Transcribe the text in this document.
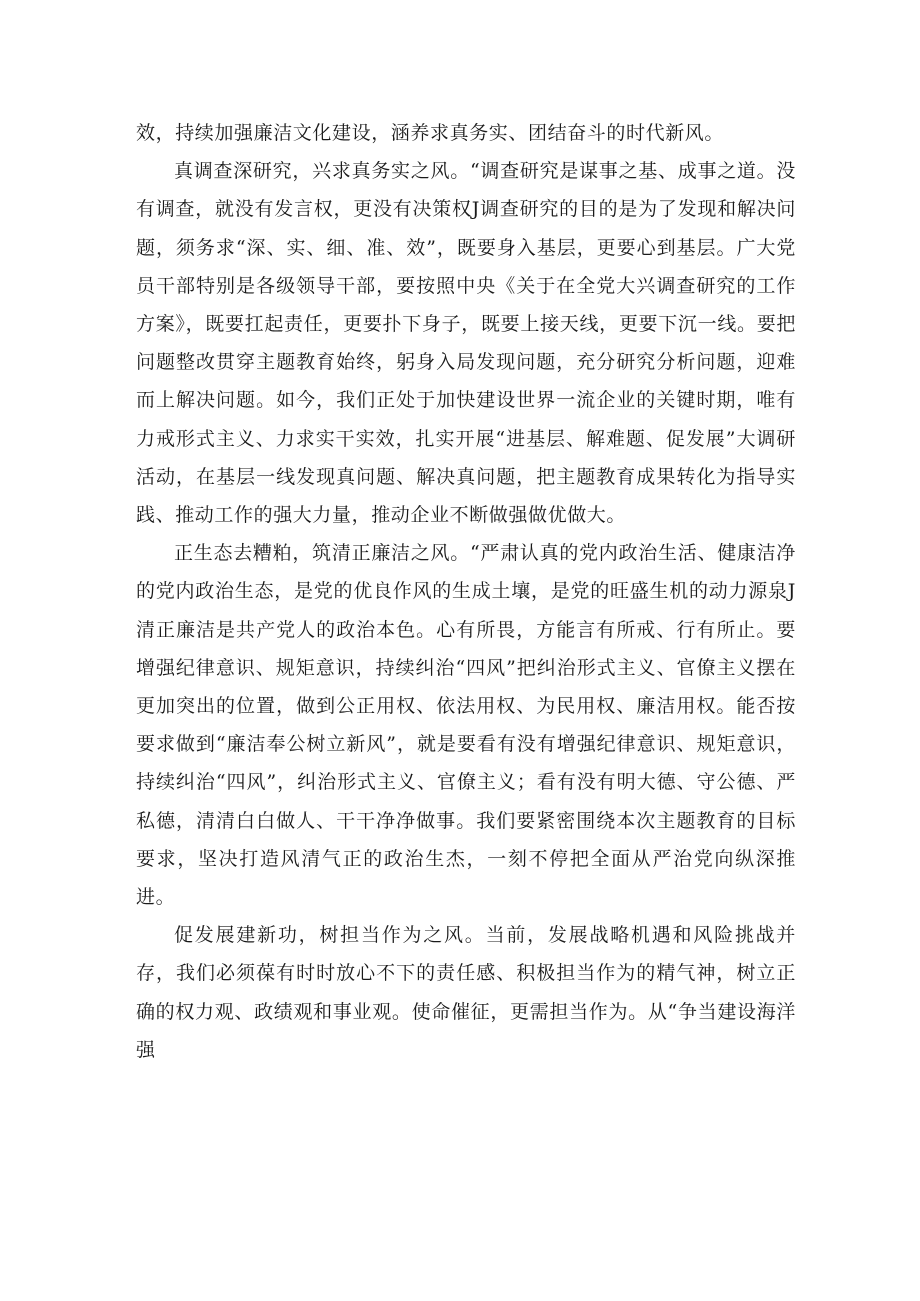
效，持续加强廉洁文化建设，涵养求真务实、团结奋斗的时代新风。

真调查深研究，兴求真务实之风。“调查研究是谋事之基、成事之道。没有调查，就没有发言权，更没有决策权J调查研究的目的是为了发现和解决问题，须务求“深、实、细、准、效”，既要身入基层，更要心到基层。广大党员干部特别是各级领导干部，要按照中央《关于在全党大兴调查研究的工作方案》，既要扛起责任，更要扑下身子，既要上接天线，更要下沉一线。要把问题整改贯穿主题教育始终，躬身入局发现问题，充分研究分析问题，迎难而上解决问题。如今，我们正处于加快建设世界一流企业的关键时期，唯有力戒形式主义、力求实干实效，扎实开展“进基层、解难题、促发展”大调研活动，在基层一线发现真问题、解决真问题，把主题教育成果转化为指导实践、推动工作的强大力量，推动企业不断做强做优做大。

正生态去糟粕，筑清正廉洁之风。“严肃认真的党内政治生活、健康洁净的党内政治生态，是党的优良作风的生成土壤，是党的旺盛生机的动力源泉J清正廉洁是共产党人的政治本色。心有所畏，方能言有所戒、行有所止。要增强纪律意识、规矩意识，持续纠治“四风”把纠治形式主义、官僚主义摆在更加突出的位置，做到公正用权、依法用权、为民用权、廉洁用权。能否按要求做到“廉洁奉公树立新风”，就是要看有没有增强纪律意识、规矩意识，持续纠治“四风”，纠治形式主义、官僚主义；看有没有明大德、守公德、严私德，清清白白做人、干干净净做事。我们要紧密围绕本次主题教育的目标要求，坚决打造风清气正的政治生杰，一刻不停把全面从严治党向纵深推进。

促发展建新功，树担当作为之风。当前，发展战略机遇和风险挑战并存，我们必须葆有时时放心不下的责任感、积极担当作为的精气神，树立正确的权力观、政绩观和事业观。使命催征，更需担当作为。从“争当建设海洋强
